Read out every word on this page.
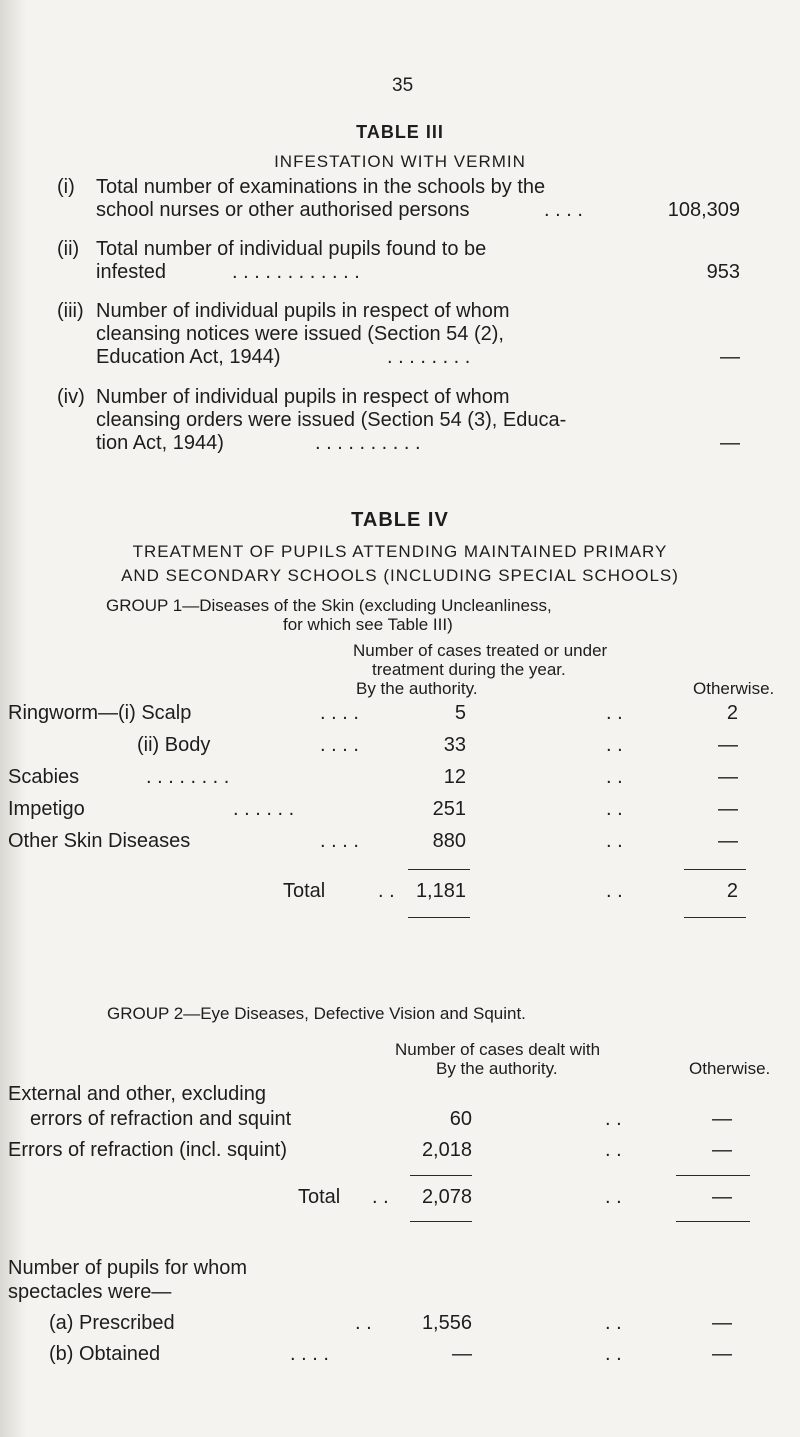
35
TABLE III
INFESTATION WITH VERMIN
(i) Total number of examinations in the schools by the
school nurses or other authorised persons	. . . .	108,309
(ii) Total number of individual pupils found to be
infested	. . . . . . . . . . . .	953
(iii) Number of individual pupils in respect of whom
cleansing notices were issued (Section 54 (2),
Education Act, 1944)	. . . . . . . .	—
(iv) Number of individual pupils in respect of whom
cleansing orders were issued (Section 54 (3), Educa-
tion Act, 1944)	. . . . . . . . . .	—
TABLE IV
TREATMENT OF PUPILS ATTENDING MAINTAINED PRIMARY
AND SECONDARY SCHOOLS (INCLUDING SPECIAL SCHOOLS)
GROUP 1—Diseases of the Skin (excluding Uncleanliness,
for which see Table III)
Number of cases treated or under
treatment during the year.
By the authority.	Otherwise.
Ringworm—(i) Scalp	. . . .	5	. .	2
(ii) Body	. . . .	33	. .	—
Scabies	. . . . . . . .	12	. .	—
Impetigo	. . . . . .	251	. .	—
Other Skin Diseases	. . . .	880	. .	—
Total	. . 1,181	. .	2
GROUP 2—Eye Diseases, Defective Vision and Squint.
Number of cases dealt with
By the authority.	Otherwise.
External and other, excluding
errors of refraction and squint	60	. .	—
Errors of refraction (incl. squint)	2,018	. .	—
Total . . 2,078	. .	—
Number of pupils for whom
spectacles were—
(a) Prescribed	. .	1,556	. .	—
(b) Obtained	. . . .	—	. .	—
